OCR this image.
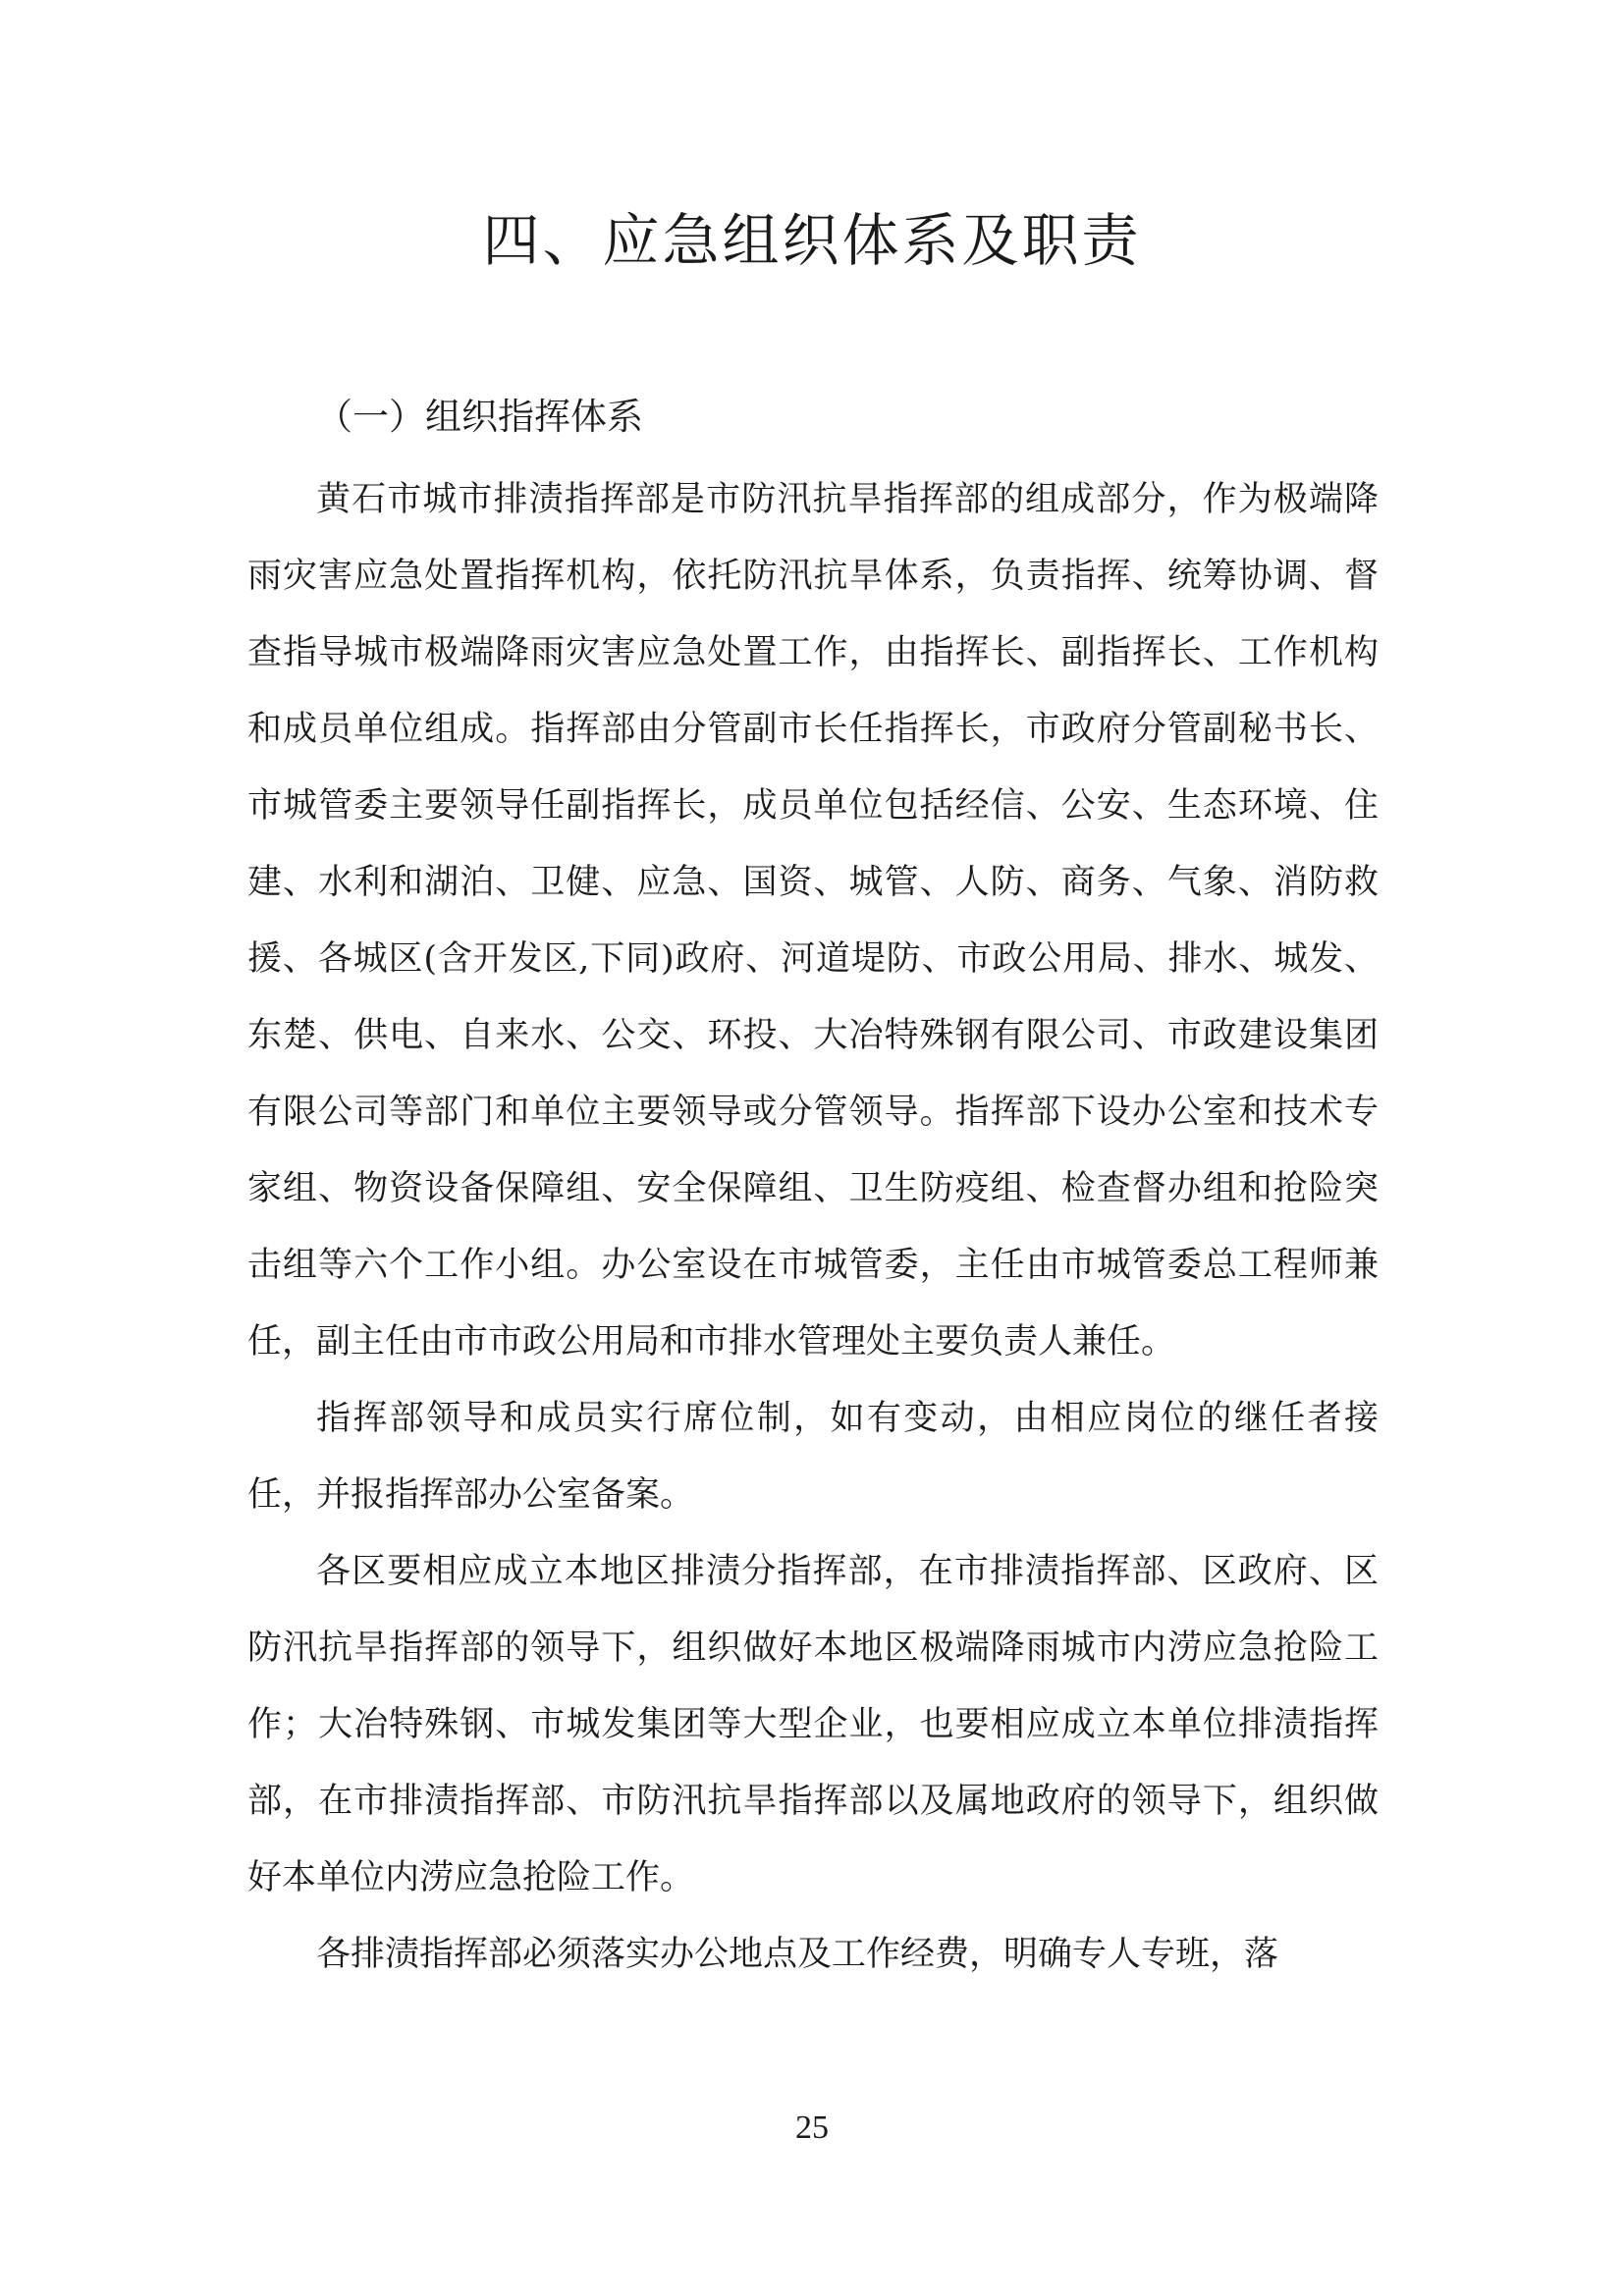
四、应急组织体系及职责
（一）组织指挥体系

黄石市城市排渍指挥部是市防汛抗旱指挥部的组成部分，作为极端降雨灾害应急处置指挥机构，依托防汛抗旱体系，负责指挥、统筹协调、督查指导城市极端降雨灾害应急处置工作，由指挥长、副指挥长、工作机构和成员单位组成。指挥部由分管副市长任指挥长，市政府分管副秘书长、市城管委主要领导任副指挥长，成员单位包括经信、公安、生态环境、住建、水利和湖泊、卫健、应急、国资、城管、人防、商务、气象、消防救援、各城区(含开发区,下同)政府、河道堤防、市政公用局、排水、城发、东楚、供电、自来水、公交、环投、大冶特殊钢有限公司、市政建设集团有限公司等部门和单位主要领导或分管领导。指挥部下设办公室和技术专家组、物资设备保障组、安全保障组、卫生防疫组、检查督办组和抢险突击组等六个工作小组。办公室设在市城管委，主任由市城管委总工程师兼任，副主任由市市政公用局和市排水管理处主要负责人兼任。

指挥部领导和成员实行席位制，如有变动，由相应岗位的继任者接任，并报指挥部办公室备案。

各区要相应成立本地区排渍分指挥部，在市排渍指挥部、区政府、区防汛抗旱指挥部的领导下，组织做好本地区极端降雨城市内涝应急抢险工作；大冶特殊钢、市城发集团等大型企业，也要相应成立本单位排渍指挥部，在市排渍指挥部、市防汛抗旱指挥部以及属地政府的领导下，组织做好本单位内涝应急抢险工作。

各排渍指挥部必须落实办公地点及工作经费，明确专人专班，落

25
